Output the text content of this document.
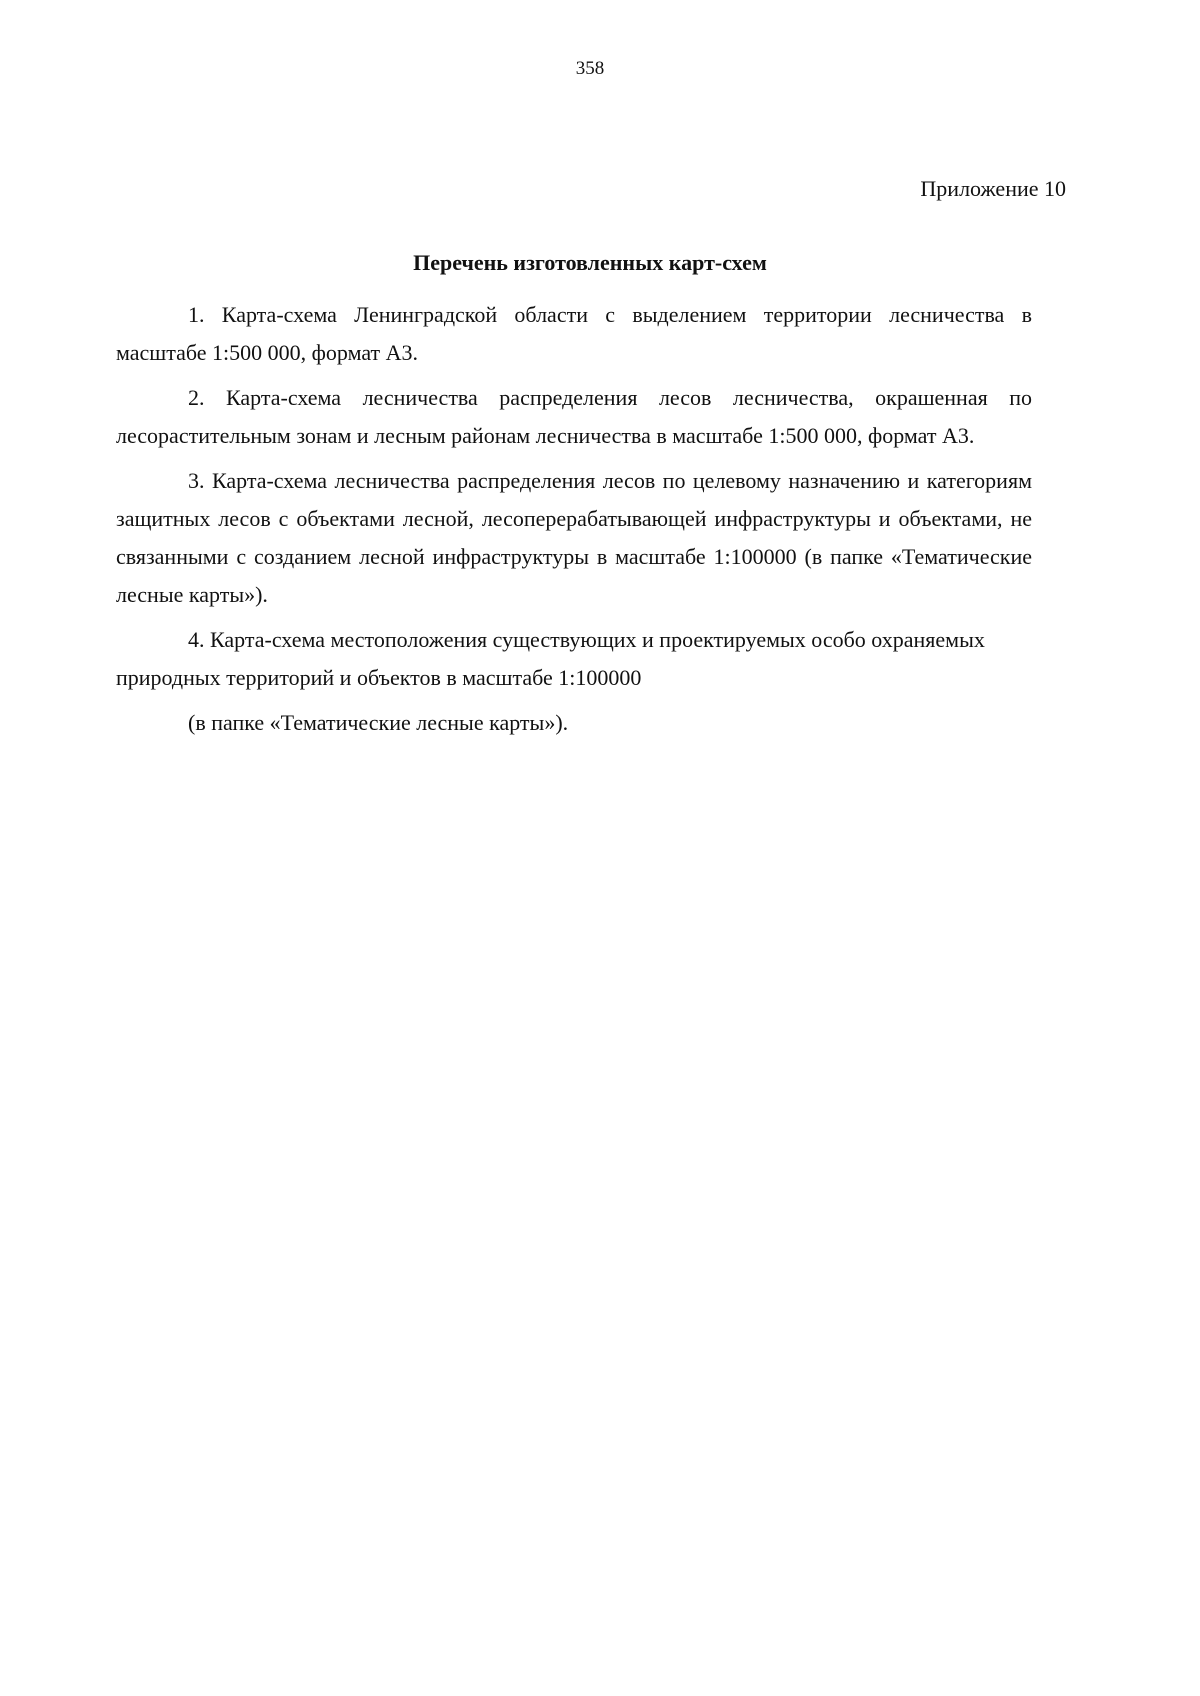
358
Приложение 10
Перечень изготовленных карт-схем

1. Карта-схема Ленинградской области с выделением территории лесничества в масштабе 1:500 000, формат А3.

2. Карта-схема лесничества распределения лесов лесничества, окрашенная по лесорастительным зонам и лесным районам лесничества в масштабе 1:500 000, формат А3.

3. Карта-схема лесничества распределения лесов по целевому назначению и категориям защитных лесов с объектами лесной, лесоперерабатывающей инфраструктуры и объектами, не связанными с созданием лесной инфраструктуры в масштабе 1:100000 (в папке «Тематические лесные карты»).

4. Карта-схема местоположения существующих и проектируемых особо охраняемых природных территорий и объектов в масштабе 1:100000

(в папке «Тематические лесные карты»).
